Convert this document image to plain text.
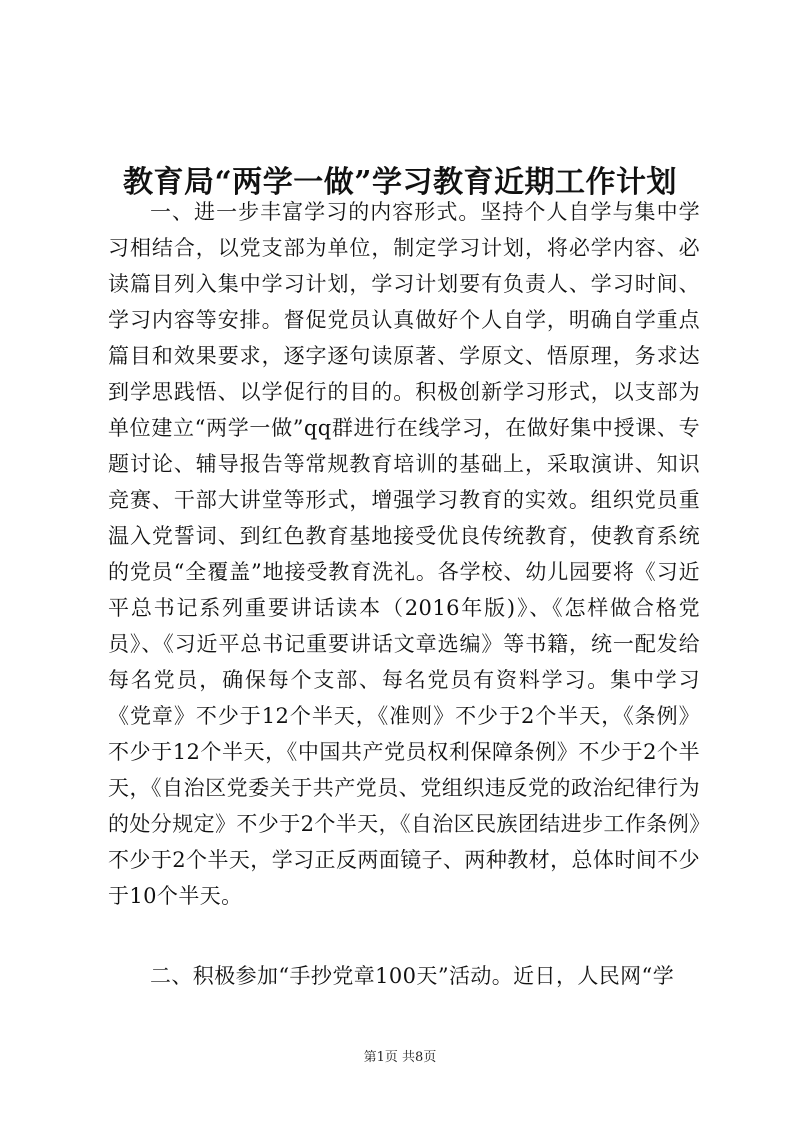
教育局“两学一做”学习教育近期工作计划

一、进一步丰富学习的内容形式。坚持个人自学与集中学习相结合，以党支部为单位，制定学习计划，将必学内容、必读篇目列入集中学习计划，学习计划要有负责人、学习时间、学习内容等安排。督促党员认真做好个人自学，明确自学重点篇目和效果要求，逐字逐句读原著、学原文、悟原理，务求达到学思践悟、以学促行的目的。积极创新学习形式，以支部为单位建立“两学一做”qq群进行在线学习，在做好集中授课、专题讨论、辅导报告等常规教育培训的基础上，采取演讲、知识竞赛、干部大讲堂等形式，增强学习教育的实效。组织党员重温入党誓词、到红色教育基地接受优良传统教育，使教育系统的党员“全覆盖”地接受教育洗礼。各学校、幼儿园要将《习近平总书记系列重要讲话读本（2016年版)》、《怎样做合格党员》、《习近平总书记重要讲话文章选编》等书籍，统一配发给每名党员，确保每个支部、每名党员有资料学习。集中学习《党章》不少于12个半天，《准则》不少于2个半天，《条例》不少于12个半天，《中国共产党员权利保障条例》不少于2个半天，《自治区党委关于共产党员、党组织违反党的政治纪律行为的处分规定》不少于2个半天，《自治区民族团结进步工作条例》不少于2个半天，学习正反两面镜子、两种教材，总体时间不少于10个半天。

二、积极参加“手抄党章100天”活动。近日，人民网“学

第1页 共8页
